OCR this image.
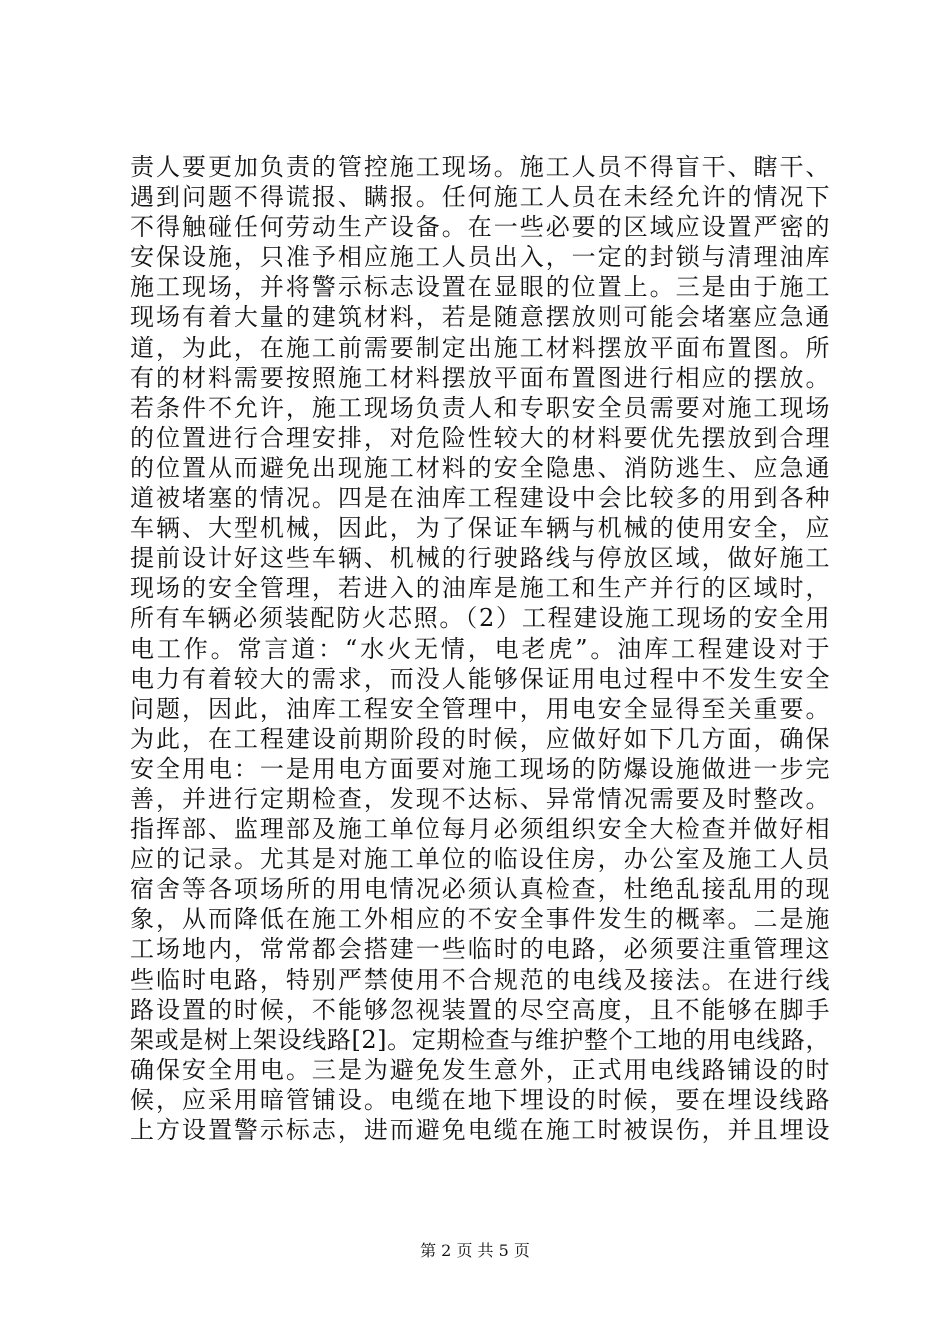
责人要更加负责的管控施工现场。施工人员不得盲干、瞎干、
遇到问题不得谎报、瞒报。任何施工人员在未经允许的情况下
不得触碰任何劳动生产设备。在一些必要的区域应设置严密的
安保设施，只准予相应施工人员出入，一定的封锁与清理油库
施工现场，并将警示标志设置在显眼的位置上。三是由于施工
现场有着大量的建筑材料，若是随意摆放则可能会堵塞应急通
道，为此，在施工前需要制定出施工材料摆放平面布置图。所
有的材料需要按照施工材料摆放平面布置图进行相应的摆放。
若条件不允许，施工现场负责人和专职安全员需要对施工现场
的位置进行合理安排，对危险性较大的材料要优先摆放到合理
的位置从而避免出现施工材料的安全隐患、消防逃生、应急通
道被堵塞的情况。四是在油库工程建设中会比较多的用到各种
车辆、大型机械，因此，为了保证车辆与机械的使用安全，应
提前设计好这些车辆、机械的行驶路线与停放区域，做好施工
现场的安全管理，若进入的油库是施工和生产并行的区域时，
所有车辆必须装配防火芯照。（2）工程建设施工现场的安全用
电工作。常言道：“水火无情，电老虎”。油库工程建设对于
电力有着较大的需求，而没人能够保证用电过程中不发生安全
问题，因此，油库工程安全管理中，用电安全显得至关重要。
为此，在工程建设前期阶段的时候，应做好如下几方面，确保
安全用电：一是用电方面要对施工现场的防爆设施做进一步完
善，并进行定期检查，发现不达标、异常情况需要及时整改。
指挥部、监理部及施工单位每月必须组织安全大检查并做好相
应的记录。尤其是对施工单位的临设住房，办公室及施工人员
宿舍等各项场所的用电情况必须认真检查，杜绝乱接乱用的现
象，从而降低在施工外相应的不安全事件发生的概率。二是施
工场地内，常常都会搭建一些临时的电路，必须要注重管理这
些临时电路，特别严禁使用不合规范的电线及接法。在进行线
路设置的时候，不能够忽视装置的尽空高度，且不能够在脚手
架或是树上架设线路[2]。定期检查与维护整个工地的用电线路，
确保安全用电。三是为避免发生意外，正式用电线路铺设的时
候，应采用暗管铺设。电缆在地下埋设的时候，要在埋设线路
上方设置警示标志，进而避免电缆在施工时被误伤，并且埋设
第 2 页 共 5 页
